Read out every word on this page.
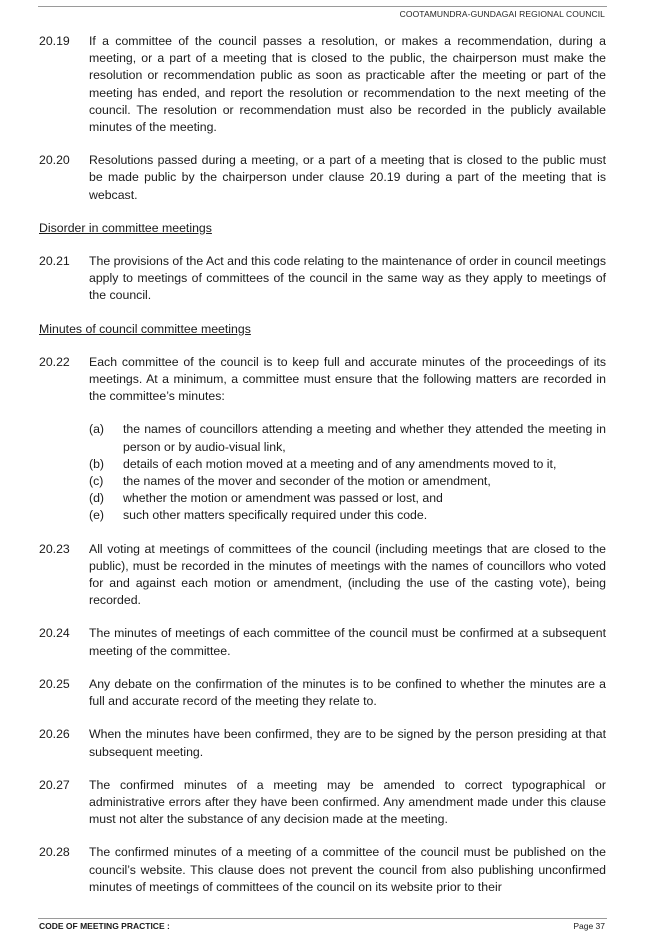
COOTAMUNDRA-GUNDAGAI REGIONAL COUNCIL
20.19	If a committee of the council passes a resolution, or makes a recommendation, during a meeting, or a part of a meeting that is closed to the public, the chairperson must make the resolution or recommendation public as soon as practicable after the meeting or part of the meeting has ended, and report the resolution or recommendation to the next meeting of the council. The resolution or recommendation must also be recorded in the publicly available minutes of the meeting.
20.20	Resolutions passed during a meeting, or a part of a meeting that is closed to the public must be made public by the chairperson under clause 20.19 during a part of the meeting that is webcast.
Disorder in committee meetings
20.21	The provisions of the Act and this code relating to the maintenance of order in council meetings apply to meetings of committees of the council in the same way as they apply to meetings of the council.
Minutes of council committee meetings
20.22	Each committee of the council is to keep full and accurate minutes of the proceedings of its meetings. At a minimum, a committee must ensure that the following matters are recorded in the committee’s minutes:
(a)	the names of councillors attending a meeting and whether they attended the meeting in person or by audio-visual link,
(b)	details of each motion moved at a meeting and of any amendments moved to it,
(c)	the names of the mover and seconder of the motion or amendment,
(d)	whether the motion or amendment was passed or lost, and
(e)	such other matters specifically required under this code.
20.23	All voting at meetings of committees of the council (including meetings that are closed to the public), must be recorded in the minutes of meetings with the names of councillors who voted for and against each motion or amendment, (including the use of the casting vote), being recorded.
20.24	The minutes of meetings of each committee of the council must be confirmed at a subsequent meeting of the committee.
20.25	Any debate on the confirmation of the minutes is to be confined to whether the minutes are a full and accurate record of the meeting they relate to.
20.26	When the minutes have been confirmed, they are to be signed by the person presiding at that subsequent meeting.
20.27	The confirmed minutes of a meeting may be amended to correct typographical or administrative errors after they have been confirmed. Any amendment made under this clause must not alter the substance of any decision made at the meeting.
20.28	The confirmed minutes of a meeting of a committee of the council must be published on the council’s website. This clause does not prevent the council from also publishing unconfirmed minutes of meetings of committees of the council on its website prior to their
CODE OF MEETING PRACTICE :	Page 37
